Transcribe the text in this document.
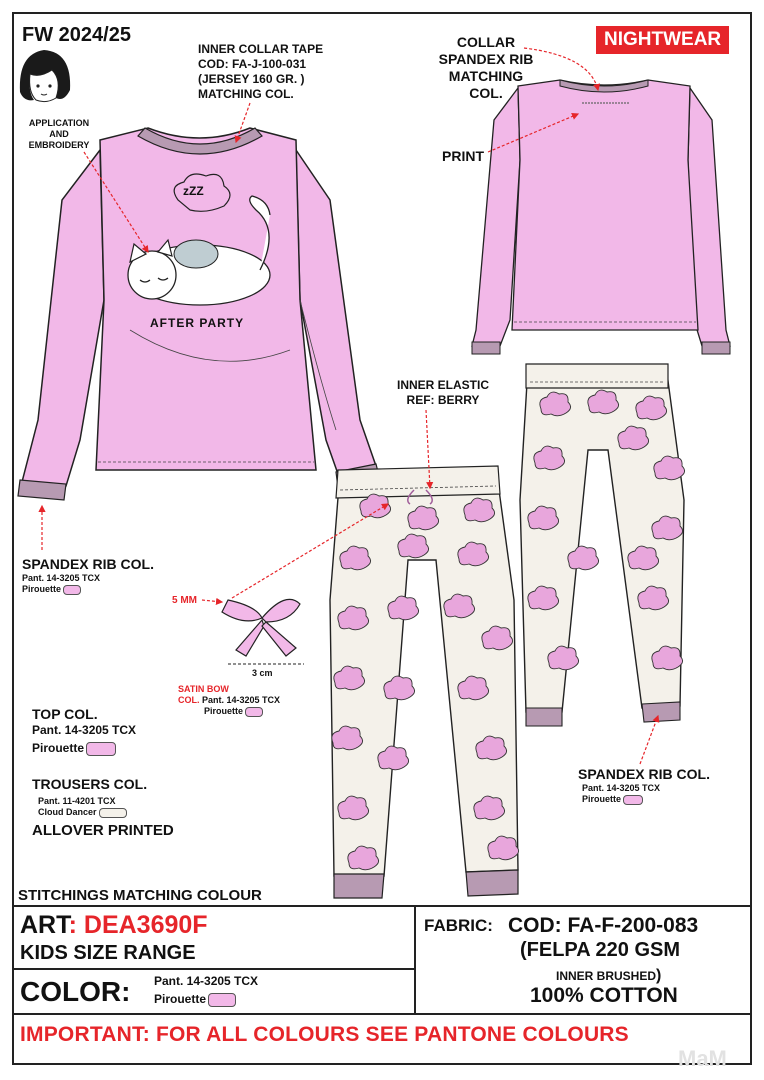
FW 2024/25	NIGHTWEAR
INNER COLLAR TAPE
COD: FA-J-100-031
(JERSEY 160 GR. )
MATCHING COL.
APPLICATION
AND
EMBROIDERY
COLLAR
SPANDEX RIB
MATCHING COL.
PRINT
AFTER PARTY
zZZ
INNER ELASTIC
REF: BERRY
SPANDEX RIB COL.
Pant. 14-3205 TCX
Pirouette
5 MM
3 cm
SATIN BOW
COL. Pant. 14-3205 TCX
Pirouette
TOP COL.
Pant. 14-3205 TCX
Pirouette
TROUSERS COL.
Pant. 11-4201 TCX
Cloud Dancer
ALLOVER PRINTED
SPANDEX RIB COL.
Pant. 14-3205 TCX
Pirouette
STITCHINGS MATCHING COLOUR
ART: DEA3690F
KIDS SIZE RANGE
COLOR: Pant. 14-3205 TCX
Pirouette
FABRIC: COD: FA-F-200-083
(FELPA 220 GSM
INNER BRUSHED)
100% COTTON
IMPORTANT: FOR ALL COLOURS SEE PANTONE COLOURS
MaM
